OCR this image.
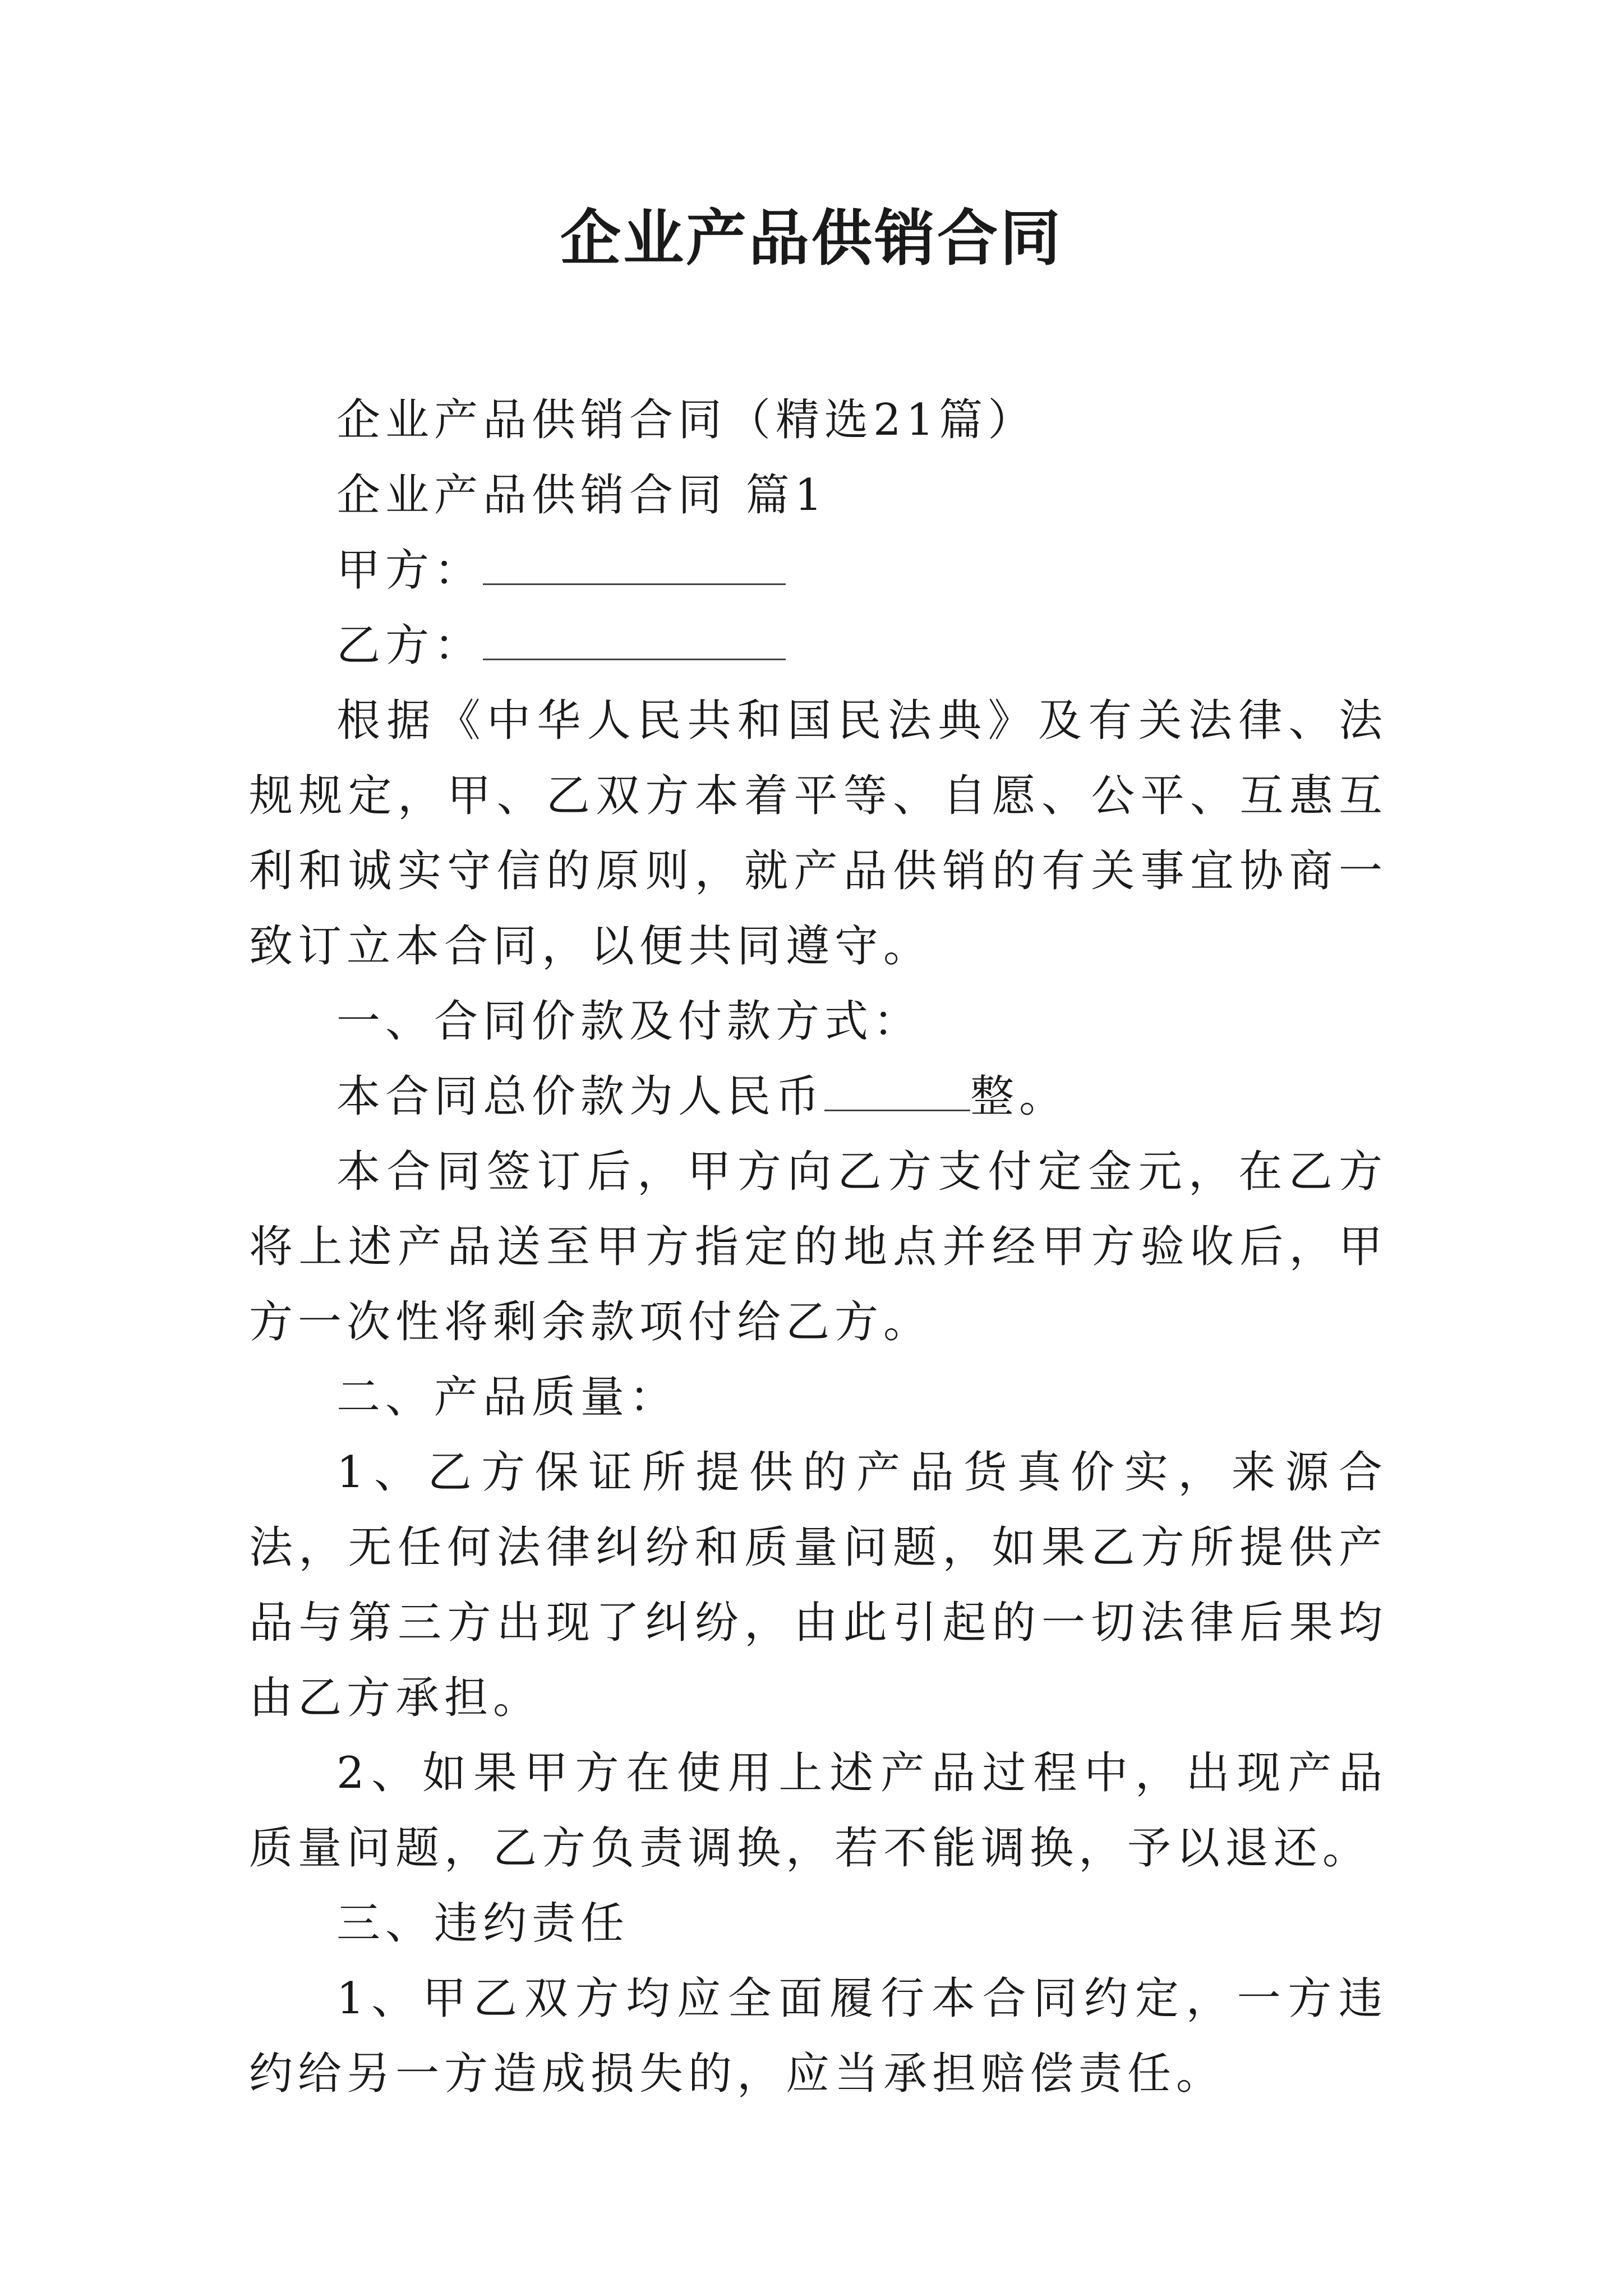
企业产品供销合同

企业产品供销合同（精选21篇）

企业产品供销合同 篇1

甲方：

乙方：

根据《中华人民共和国民法典》及有关法律、法规规定，甲、乙双方本着平等、自愿、公平、互惠互利和诚实守信的原则，就产品供销的有关事宜协商一致订立本合同，以便共同遵守。

一、合同价款及付款方式：

本合同总价款为人民币	整。

本合同签订后，甲方向乙方支付定金元，在乙方将上述产品送至甲方指定的地点并经甲方验收后，甲方一次性将剩余款项付给乙方。

二、产品质量：

1、乙方保证所提供的产品货真价实，来源合法，无任何法律纠纷和质量问题，如果乙方所提供产品与第三方出现了纠纷，由此引起的一切法律后果均由乙方承担。

2、如果甲方在使用上述产品过程中，出现产品质量问题，乙方负责调换，若不能调换，予以退还。

三、违约责任

1、甲乙双方均应全面履行本合同约定，一方违约给另一方造成损失的，应当承担赔偿责任。
